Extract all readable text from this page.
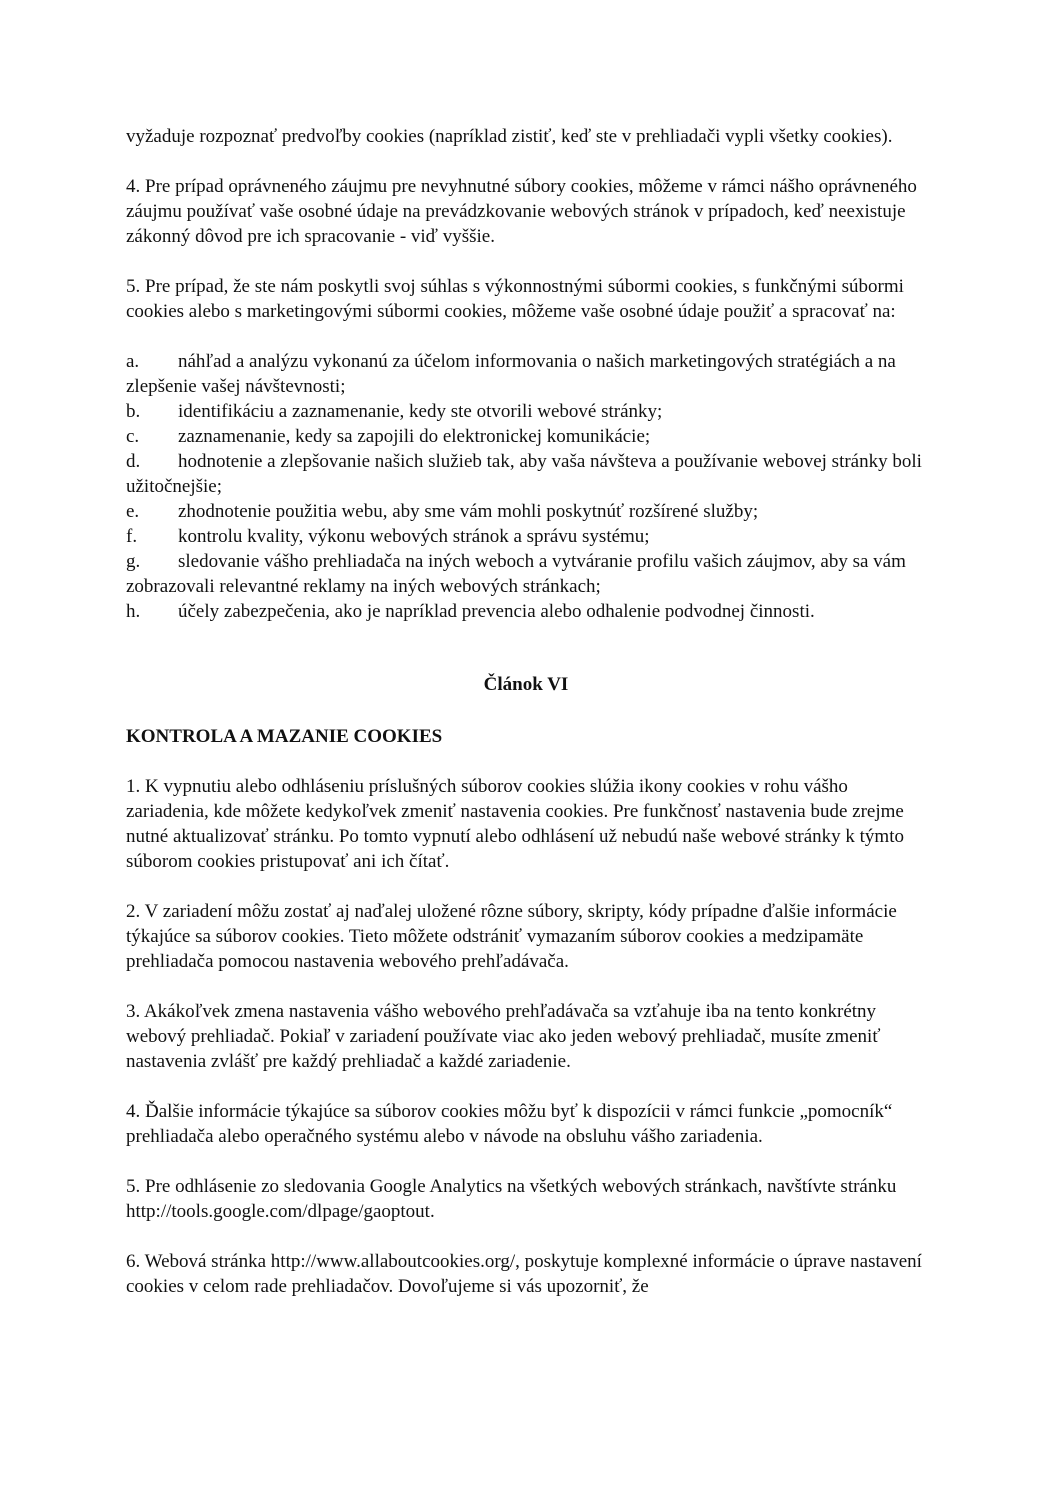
vyžaduje rozpoznať predvoľby cookies (napríklad zistiť, keď ste v prehliadači vypli všetky cookies).

4. Pre prípad oprávneného záujmu pre nevyhnutné súbory cookies, môžeme v rámci nášho oprávneného záujmu používať vaše osobné údaje na prevádzkovanie webových stránok v prípadoch, keď neexistuje zákonný dôvod pre ich spracovanie - viď vyššie.

5. Pre prípad, že ste nám poskytli svoj súhlas s výkonnostnými súbormi cookies, s funkčnými súbormi cookies alebo s marketingovými súbormi cookies, môžeme vaše osobné údaje použiť a spracovať na:

a. náhľad a analýzu vykonanú za účelom informovania o našich marketingových stratégiách a na zlepšenie vašej návštevnosti;

b. identifikáciu a zaznamenanie, kedy ste otvorili webové stránky;

c. zaznamenanie, kedy sa zapojili do elektronickej komunikácie;

d. hodnotenie a zlepšovanie našich služieb tak, aby vaša návšteva a používanie webovej stránky boli užitočnejšie;

e. zhodnotenie použitia webu, aby sme vám mohli poskytnúť rozšírené služby;

f. kontrolu kvality, výkonu webových stránok a správu systému;

g. sledovanie vášho prehliadača na iných weboch a vytváranie profilu vašich záujmov, aby sa vám zobrazovali relevantné reklamy na iných webových stránkach;

h. účely zabezpečenia, ako je napríklad prevencia alebo odhalenie podvodnej činnosti.

Článok VI

KONTROLA A MAZANIE COOKIES

1. K vypnutiu alebo odhláseniu príslušných súborov cookies slúžia ikony cookies v rohu vášho zariadenia, kde môžete kedykoľvek zmeniť nastavenia cookies. Pre funkčnosť nastavenia bude zrejme nutné aktualizovať stránku. Po tomto vypnutí alebo odhlásení už nebudú naše webové stránky k týmto súborom cookies pristupovať ani ich čítať.

2. V zariadení môžu zostať aj naďalej uložené rôzne súbory, skripty, kódy prípadne ďalšie informácie týkajúce sa súborov cookies. Tieto môžete odstrániť vymazaním súborov cookies a medzipamäte prehliadača pomocou nastavenia webového prehľadávača.

3. Akákoľvek zmena nastavenia vášho webového prehľadávača sa vzťahuje iba na tento konkrétny webový prehliadač. Pokiaľ v zariadení používate viac ako jeden webový prehliadač, musíte zmeniť nastavenia zvlášť pre každý prehliadač a každé zariadenie.

4. Ďalšie informácie týkajúce sa súborov cookies môžu byť k dispozícii v rámci funkcie „pomocník“ prehliadača alebo operačného systému alebo v návode na obsluhu vášho zariadenia.

5. Pre odhlásenie zo sledovania Google Analytics na všetkých webových stránkach, navštívte stránku http://tools.google.com/dlpage/gaoptout.

6. Webová stránka http://www.allaboutcookies.org/, poskytuje komplexné informácie o úprave nastavení cookies v celom rade prehliadačov. Dovoľujeme si vás upozorniť, že
